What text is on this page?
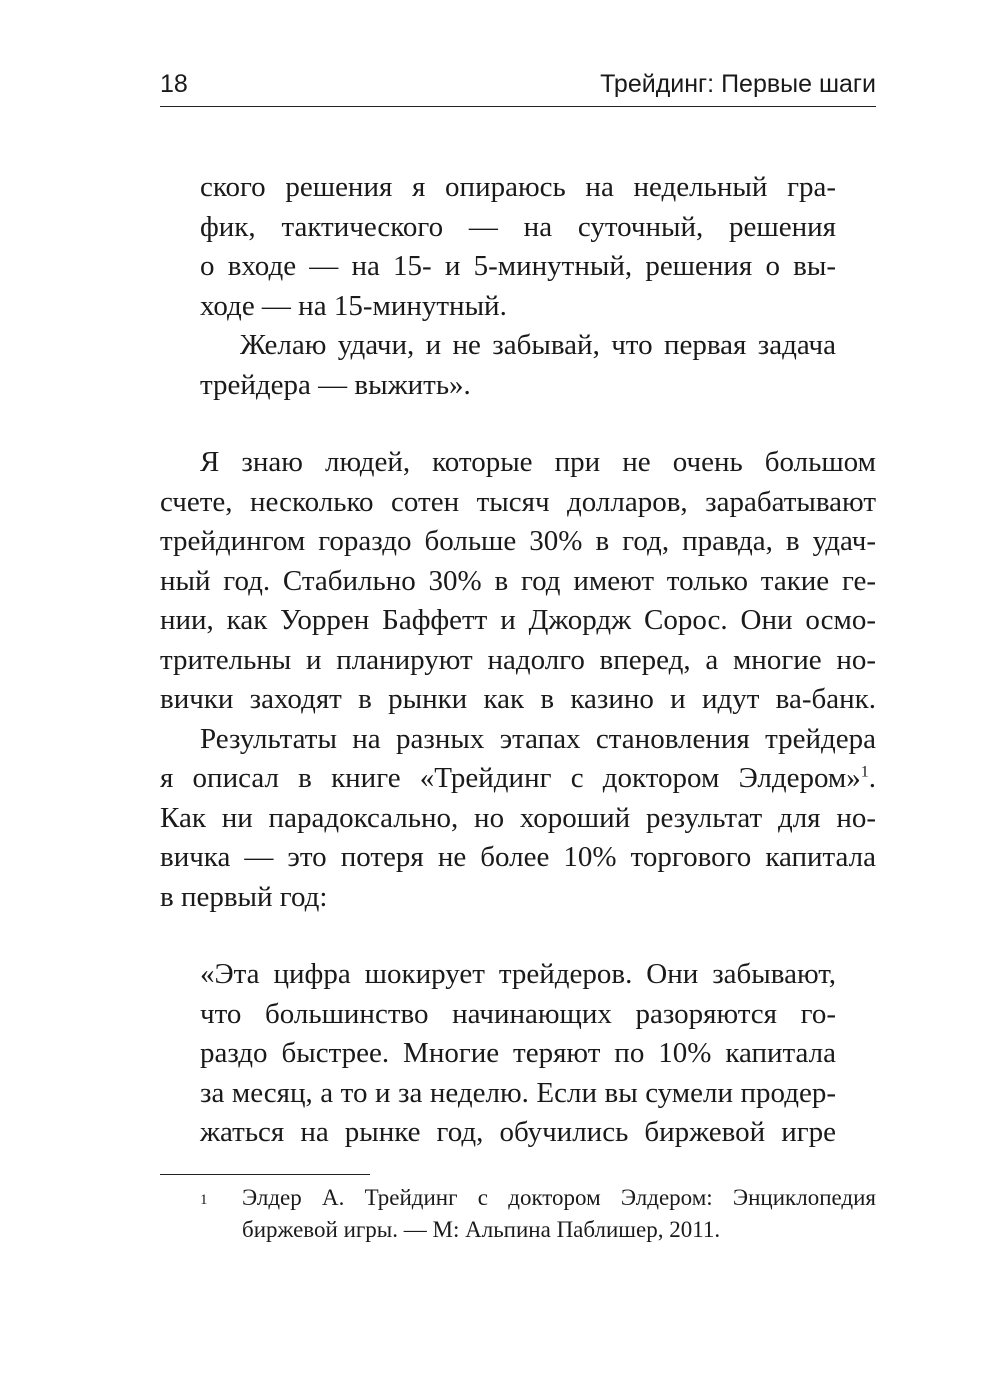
18	Трейдинг: Первые шаги

ского решения я опираюсь на недельный гра-
фик, тактического — на суточный, решения
о входе — на 15- и 5-минутный, решения о вы-
ходе — на 15-минутный.

Желаю удачи, и не забывай, что первая задача
трейдера — выжить».

Я знаю людей, которые при не очень большом
счете, несколько сотен тысяч долларов, зарабатывают
трейдингом гораздо больше 30% в год, правда, в удач-
ный год. Стабильно 30% в год имеют только такие ге-
нии, как Уоррен Баффетт и Джордж Сорос. Они осмо-
трительны и планируют надолго вперед, а многие но-
вички заходят в рынки как в казино и идут ва-банк.

Результаты на разных этапах становления трейдера
я описал в книге «Трейдинг с доктором Элдером»$^1$.
Как ни парадоксально, но хороший результат для но-
вичка — это потеря не более 10% торгового капитала
в первый год:

«Эта цифра шокирует трейдеров. Они забывают,
что большинство начинающих разоряются го-
раздо быстрее. Многие теряют по 10% капитала
за месяц, а то и за неделю. Если вы сумели продер-
жаться на рынке год, обучились биржевой игре

1 Элдер А. Трейдинг с доктором Элдером: Энциклопедия биржевой игры. — М: Альпина Паблишер, 2011.
